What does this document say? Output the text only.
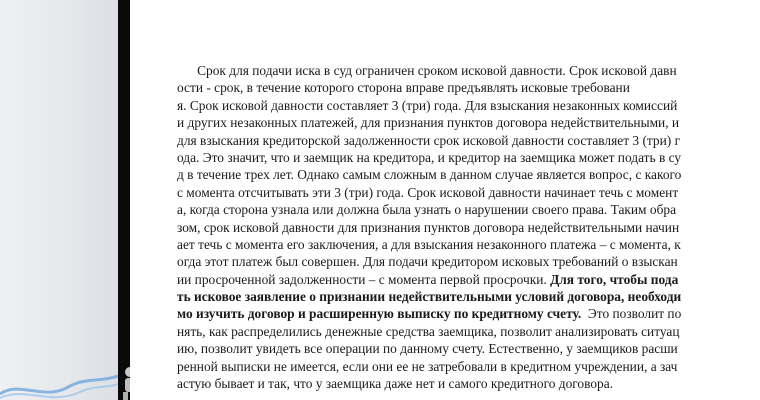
Срок для подачи иска в суд ограничен сроком исковой давности. Срок исковой давн
ости - срок, в течение которого сторона вправе предъявлять исковые требовани
я. Срок исковой давности составляет 3 (три) года. Для взыскания незаконных комиссий
и других незаконных платежей, для признания пунктов договора недействительными, и
для взыскания кредиторской задолженности срок исковой давности составляет 3 (три) г
ода. Это значит, что и заемщик на кредитора, и кредитор на заемщика может подать в су
д в течение трех лет. Однако самым сложным в данном случае является вопрос, с какого
с момента отсчитывать эти 3 (три) года. Срок исковой давности начинает течь с момент
а, когда сторона узнала или должна была узнать о нарушении своего права. Таким обра
зом, срок исковой давности для признания пунктов договора недействительными начин
ает течь с момента его заключения, а для взыскания незаконного платежа – с момента, к
огда этот платеж был совершен. Для подачи кредитором исковых требований о взыскан
ии просроченной задолженности – с момента первой просрочки. Для того, чтобы пода
ть исковое заявление о признании недействительными условий договора, необходи
мо изучить договор и расширенную выписку по кредитному счету.  Это позволит по
нять, как распределились денежные средства заемщика, позволит анализировать ситуац
ию, позволит увидеть все операции по данному счету. Естественно, у заемщиков расши
ренной выписки не имеется, если они ее не затребовали в кредитном учреждении, а зач
астую бывает и так, что у заемщика даже нет и самого кредитного договора.
